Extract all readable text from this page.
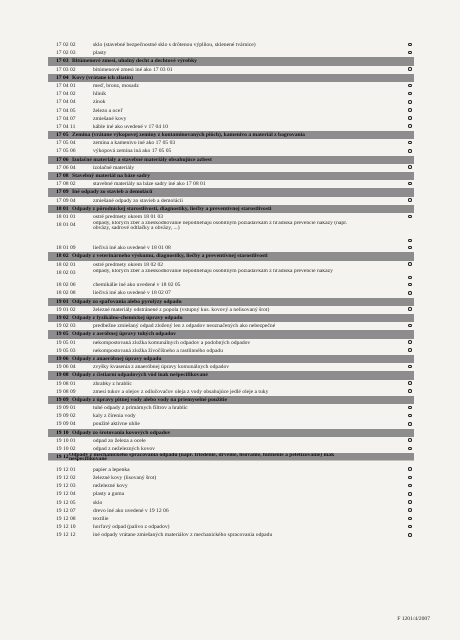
17 02 02	sklo (stavebné bezpečnostné sklo s drôtenou výplňou, sklenené tvárnice)
17 02 03	plasty
17 03 Bitúmenové zmesi, uholný decht a dechtové výrobky
17 03 02	bitúmenové zmesi iné ako 17 03 01
17 04 Kovy (vrátane ich zliatín)
17 04 01	meď, bronz, mosadz
17 04 02	hliník
17 04 04	zinok
17 04 05	železo a oceľ
17 04 07	zmiešané kovy
17 04 11	káble iné ako uvedené v 17 04 10
17 05 Zemina (vrátane výkopovej zeminy z kontaminovaných plôch), kamenivo a materiál z bagrovania
17 05 04	zemina a kamenivo iné ako 17 05 03
17 05 06	výkopová zemina iná ako 17 05 05
17 06 Izolačné materiály a stavebné materiály obsahujúce azbest
17 06 04	izolačné materiály
17 08 Stavebný materiál na báze sadry
17 08 02	stavebné materiály na báze sadry iné ako 17 08 01
17 09 Iné odpady zo stavieb a demolácií
17 09 04	zmiešané odpady zo stavieb a demolácií
18 01 Odpady z pôrodníckej starostlivosti, diagnostiky, liečby a preventívnej starostlivosti
18 01 01	ostré predmety okrem 18 01 03
18 01 04	odpady, ktorých zber a zneškodňovanie nepodliehajú osobitným požiadavkám z hľadiska prevencie nákazy (napr. obväzy, sadrové odtlačky a obväzy, ...)
18 01 09	liečivá iné ako uvedené v 18 01 08
18 02 Odpady z veterinárneho výskumu, diagnostiky, liečby a preventívnej starostlivosti
18 02 01	ostré predmety okrem 18 02 02
18 02 03	odpady, ktorých zber a zneškodňovanie nepodliehajú osobitným požiadavkám z hľadiska prevencie nákazy
18 02 06	chemikálie iné ako uvedené v 18 02 05
18 02 08	liečivá iné ako uvedené v 18 02 07
19 01 Odpady zo spaľovania alebo pyrolýzy odpadu
19 01 02	železné materiály odstránené z popola (vstupný kus. kovový a nelisovaný šrot)
19 02 Odpady z fyzikálno-chemickej úpravy odpadu
19 02 03	predbežne zmiešaný odpad zložený len z odpadov neoznačených ako nebezpečné
19 05 Odpady z aeróbnej úpravy tuhých odpadov
19 05 01	nekompostovaná zložka komunálnych odpadov a podobných odpadov
19 05 03	nekompostovaná zložka živočíšneho a rastlinného odpadu
19 06 Odpady z anaeróbnej úpravy odpadu
19 06 04	zvyšky kvasenia z anaeróbnej úpravy komunálnych odpadov
19 08 Odpady z čistiarní odpadových vôd inak nešpecifikované
19 08 01	zhrabky z hrablíc
19 08 09	zmesi tukov a olejov z odlučovačov oleja z vody obsahujúce jedlé oleje a tuky
19 09 Odpady z úpravy pitnej vody alebo vody na priemyselné použitie
19 09 01	tuhé odpady z primárnych filtrov a hrablíc
19 09 02	kaly z čírenia vody
19 09 04	použité aktívne uhlie
19 10 Odpady zo šrotovania kovových odpadov
19 10 01	odpad zo železa a ocele
19 10 02	odpad z neželezných kovov
19 12 Odpady z mechanického spracovania odpadu (napr. triedenie, drvenie, lisovanie, hutnenie a peletizovanie) inak nešpecifikované
19 12 01	papier a lepenka
19 12 02	železné kovy (lisovaný šrot)
19 12 03	neželezné kovy
19 12 04	plasty a guma
19 12 05	sklo
19 12 07	drevo iné ako uvedené v 19 12 06
19 12 08	textílie
19 12 10	horľavý odpad (palivo z odpadov)
19 12 12	iné odpady vrátane zmiešaných materiálov z mechanického spracovania odpadu
F 1201/4/2007
